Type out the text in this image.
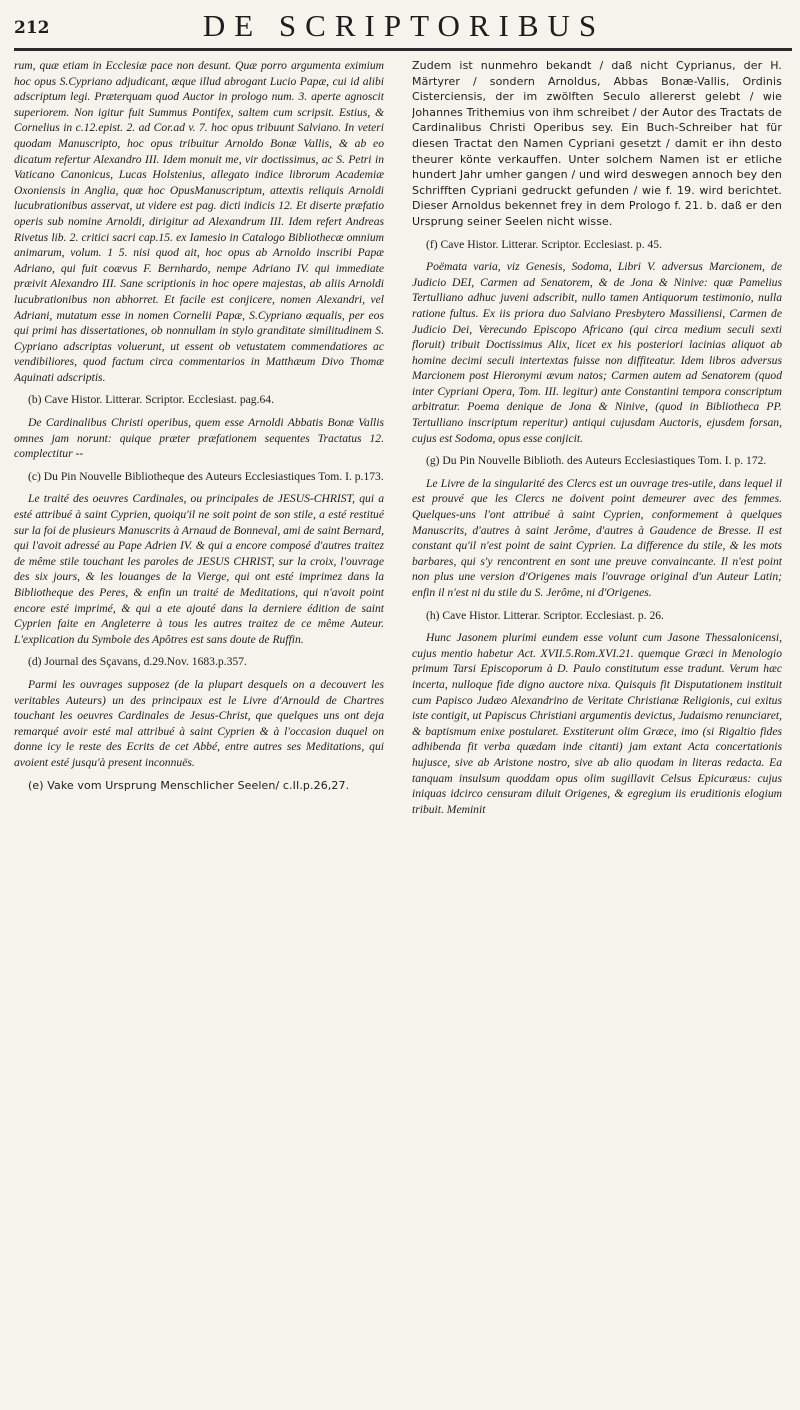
212	DE SCRIPTORIBUS

rum, quæ etiam in Ecclesiæ pace non desunt. Quæ porro argumenta eximium hoc opus S.Cypriano adjudicant, æque illud abrogant Lucio Papæ, cui id alibi adscriptum legi. Præterquam quod Auctor in prologo num. 3. aperte agnoscit superiorem. Non igitur fuit Summus Pontifex, saltem cum scripsit. Estius, & Cornelius in c.12.epist. 2. ad Cor.ad v. 7. hoc opus tribuunt Salviano. In veteri quodam Manuscripto, hoc opus tribuitur Arnoldo Bonæ Vallis, & ab eo dicatum refertur Alexandro III. Idem monuit me, vir doctissimus, ac S. Petri in Vaticano Canonicus, Lucas Holstenius, allegato indice librorum Academiæ Oxoniensis in Anglia, quæ hoc OpusManuscriptum, attextis reliquis Arnoldi lucubrationibus asservat, ut videre est pag. dicti indicis 12. Et diserte præfatio operis sub nomine Arnoldi, dirigitur ad Alexandrum III. Idem refert Andreas Rivetus lib. 2. critici sacri cap.15. ex Iamesio in Catalogo Bibliothecæ omnium animarum, volum. 1 5. nisi quod ait, hoc opus ab Arnoldo inscribi Papæ Adriano, qui fuit coævus F. Bernhardo, nempe Adriano IV. qui immediate præivit Alexandro III. Sane scriptionis in hoc opere majestas, ab aliis Arnoldi lucubrationibus non abhorret. Et facile est conjicere, nomen Alexandri, vel Adriani, mutatum esse in nomen Cornelii Papæ, S.Cypriano æqualis, per eos qui primi has dissertationes, ob nonnullam in stylo granditate similitudinem S. Cypriano adscriptas voluerunt, ut essent ob vetustatem commendatiores ac vendibiliores, quod factum circa commentarios in Matthæum Divo Thomæ Aquinati adscriptis.

(b) Cave Histor. Litterar. Scriptor. Ecclesiast. pag.64.

De Cardinalibus Christi operibus, quem esse Arnoldi Abbatis Bonæ Vallis omnes jam norunt: quique præter præfationem sequentes Tractatus 12. complectitur --

(c) Du Pin Nouvelle Bibliotheque des Auteurs Ecclesiastiques Tom. I. p.173.

Le traité des oeuvres Cardinales, ou principales de JESUS-CHRIST, qui a esté attribué à saint Cyprien, quoiqu'il ne soit point de son stile, a esté restitué sur la foi de plusieurs Manuscrits à Arnaud de Bonneval, ami de saint Bernard, qui l'avoit adressé au Pape Adrien IV. & qui a encore composé d'autres traitez de même stile touchant les paroles de JESUS CHRIST, sur la croix, l'ouvrage des six jours, & les louanges de la Vierge, qui ont esté imprimez dans la Bibliotheque des Peres, & enfin un traité de Meditations, qui n'avoit point encore esté imprimé, & qui a ete ajouté dans la derniere édition de saint Cyprien faite en Angleterre à tous les autres traitez de ce même Auteur. L'explication du Symbole des Apôtres est sans doute de Ruffin.

(d) Journal des Sçavans, d.29.Nov. 1683.p.357.

Parmi les ouvrages supposez (de la plupart desquels on a decouvert les veritables Auteurs) un des principaux est le Livre d'Arnould de Chartres touchant les oeuvres Cardinales de Jesus-Christ, que quelques uns ont deja remarqué avoir esté mal attribué à saint Cyprien & à l'occasion duquel on donne icy le reste des Ecrits de cet Abbé, entre autres ses Meditations, qui avoient esté jusqu'à present inconnuës.

(e) Vake vom Ursprung Menschlicher Seelen/ c.II.p.26,27.

Zudem ist nunmehro bekandt / daß nicht Cyprianus, der H. Märtyrer / sondern Arnoldus, Abbas Bonæ-Vallis, Ordinis Cisterciensis, der im zwölften Seculo allererst gelebt / wie Johannes Trithemius von ihm schreibet / der Autor des Tractats de Cardinalibus Christi Operibus sey. Ein Buch-Schreiber hat für diesen Tractat den Namen Cypriani gesetzt / damit er ihn desto theurer könte verkauffen. Unter solchem Namen ist er etliche hundert Jahr umher gangen / und wird deswegen annoch bey den Schrifften Cypriani gedruckt gefunden / wie f. 19. wird berichtet. Dieser Arnoldus bekennet frey in dem Prologo f. 21. b. daß er den Ursprung seiner Seelen nicht wisse.

(f) Cave Histor. Litterar. Scriptor. Ecclesiast. p. 45.

Poëmata varia, viz Genesis, Sodoma, Libri V. adversus Marcionem, de Judicio DEI, Carmen ad Senatorem, & de Jona & Ninive: quæ Pamelius Tertulliano adhuc juveni adscribit, nullo tamen Antiquorum testimonio, nulla ratione fultus. Ex iis priora duo Salviano Presbytero Massiliensi, Carmen de Judicio Dei, Verecundo Episcopo Africano (qui circa medium seculi sexti floruit) tribuit Doctissimus Alix, licet ex his posteriori lacinias aliquot ab homine decimi seculi intertextas fuisse non diffiteatur. Idem libros adversus Marcionem post Hieronymi ævum natos; Carmen autem ad Senatorem (quod inter Cypriani Opera, Tom. III. legitur) ante Constantini tempora conscriptum arbitratur. Poema denique de Jona & Ninive, (quod in Bibliotheca PP. Tertulliano inscriptum reperitur) antiqui cujusdam Auctoris, ejusdem forsan, cujus est Sodoma, opus esse conjicit.

(g) Du Pin Nouvelle Biblioth. des Auteurs Ecclesiastiques Tom. I. p. 172.

Le Livre de la singularité des Clercs est un ouvrage tres-utile, dans lequel il est prouvé que les Clercs ne doivent point demeurer avec des femmes. Quelques-uns l'ont attribué à saint Cyprien, conformement à quelques Manuscrits, d'autres à saint Jerôme, d'autres à Gaudence de Bresse. Il est constant qu'il n'est point de saint Cyprien. La difference du stile, & les mots barbares, qui s'y rencontrent en sont une preuve convaincante. Il n'est point non plus une version d'Origenes mais l'ouvrage original d'un Auteur Latin; enfin il n'est ni du stile du S. Jerôme, ni d'Origenes.

(h) Cave Histor. Litterar. Scriptor. Ecclesiast. p. 26.

Hunc Jasonem plurimi eundem esse volunt cum Jasone Thessalonicensi, cujus mentio habetur Act. XVII.5.Rom.XVI.21. quemque Græci in Menologio primum Tarsi Episcoporum à D. Paulo constitutum esse tradunt. Verum hæc incerta, nulloque fide digno auctore nixa. Quisquis fit Disputationem instituit cum Papisco Judæo Alexandrino de Veritate Christianæ Religionis, cui exitus iste contigit, ut Papiscus Christiani argumentis devictus, Judaismo renunciaret, & baptismum enixe postularet. Exstiterunt olim Græce, imo (si Rigaltio fides adhibenda fit verba quædam inde citanti) jam extant Acta concertationis hujusce, sive ab Aristone nostro, sive ab alio quodam in literas redacta. Ea tanquam insulsum quoddam opus olim sugillavit Celsus Epicuræus: cujus iniquas idcirco censuram diluit Origenes, & egregium iis eruditionis elogium tribuit. Meminit
